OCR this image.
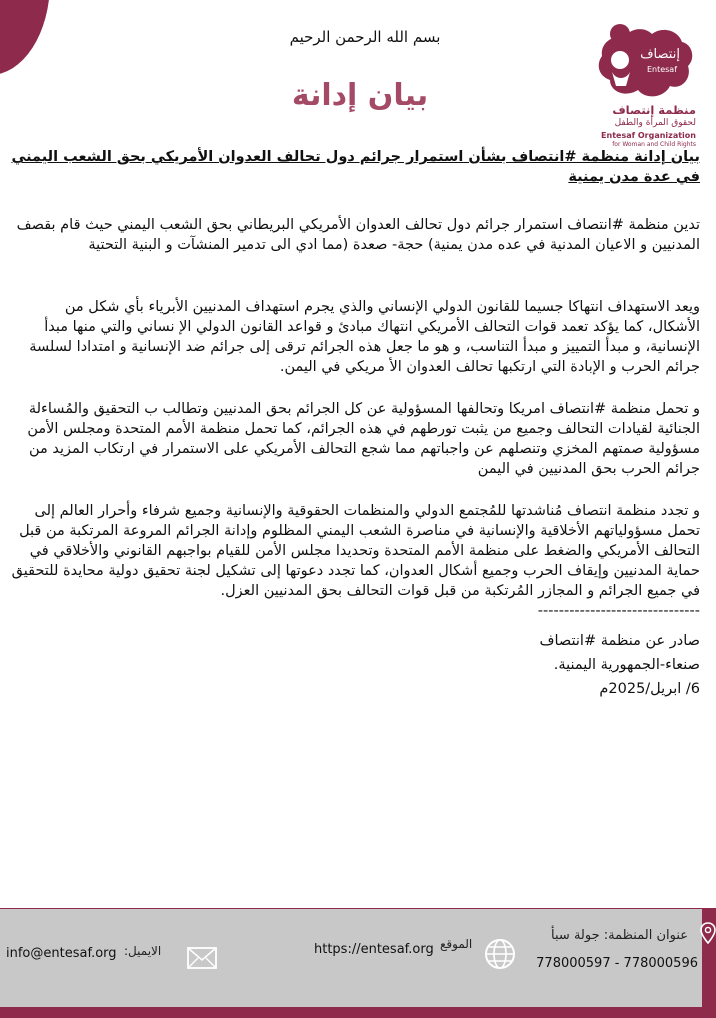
بسم الله الرحمن الرحيم
بيان إدانة
إنتصاف
Entesaf
منظمة إنتصاف
لحقوق المرأة والطفل
Entesaf Organization
for Woman and Child Rights

بيان إدانة منظمة #انتصاف بشأن استمرار جرائم دول تحالف العدوان الأمريكي بحق الشعب اليمني في عدة مدن يمنية

تدين منظمة #انتصاف استمرار جرائم دول تحالف العدوان الأمريكي البريطاني بحق الشعب اليمني حيث قام بقصف المدنيين و الاعيان المدنية في عده مدن يمنية) حجة- صعدة (مما ادي الى تدمير المنشآت و البنية التحتية

ويعد الاستهداف انتهاكا جسيما للقانون الدولي الإنساني والذي يجرم استهداف المدنيين الأبرياء بأي شكل من الأشكال، كما يؤكد تعمد قوات التحالف الأمريكي انتهاك مبادئ و قواعد القانون الدولي الإ نساني والتي منها مبدأ الإنسانية، و مبدأ التمييز و مبدأ التناسب، و هو ما جعل هذه الجرائم ترقى إلى جرائم ضد الإنسانية و امتدادا لسلسة جرائم الحرب و الإبادة التي ارتكبها تحالف العدوان الأ مريكي في اليمن.

و تحمل منظمة #انتصاف امريكا وتحالفها المسؤولية عن كل الجرائم بحق المدنيين وتطالب ب التحقيق والمُساءلة الجنائية لقيادات التحالف وجميع من يثبت تورطهم في هذه الجرائم، كما تحمل منظمة الأمم المتحدة ومجلس الأمن مسؤولية صمتهم المخزي وتنصلهم عن واجباتهم مما شجع التحالف الأمريكي على الاستمرار في ارتكاب المزيد من جرائم الحرب بحق المدنيين في اليمن

و تجدد منظمة انتصاف مُناشدتها للمُجتمع الدولي والمنظمات الحقوقية والإنسانية وجميع شرفاء وأحرار العالم إلى تحمل مسؤولياتهم الأخلاقية والإنسانية في مناصرة الشعب اليمني المظلوم وإدانة الجرائم المروعة المرتكبة من قبل التحالف الأمريكي والضغط على منظمة الأمم المتحدة وتحديدا مجلس الأمن للقيام بواجبهم القانوني والأخلاقي في حماية المدنيين وإيقاف الحرب وجميع أشكال العدوان، كما تجدد دعوتها إلى تشكيل لجنة تحقيق دولية محايدة للتحقيق في جميع الجرائم و المجازر المُرتكبة من قبل قوات التحالف بحق المدنيين العزل.

-------------------------------

صادر عن منظمة #انتصاف
صنعاء-الجمهورية اليمنية.
6/ ابريل/2025م
عنوان المنظمة: جولة سبأ
778000597 - 778000596
الموقع
https://entesaf.org
الايميل:
info@entesaf.org
